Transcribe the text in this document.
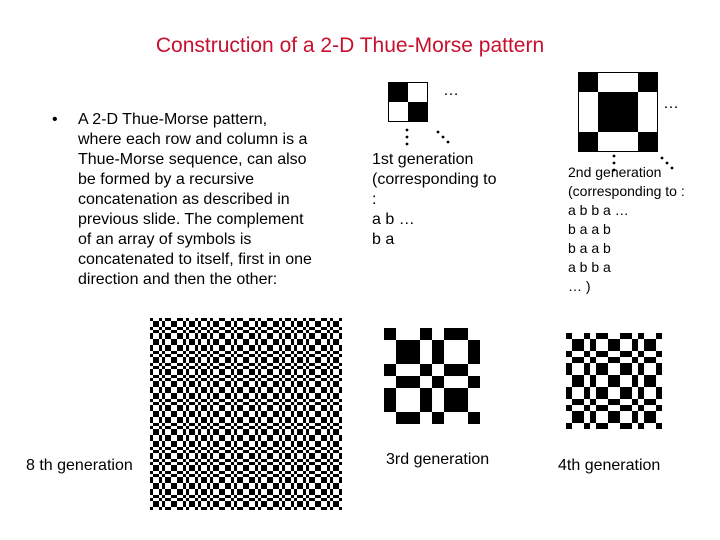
Construction of a 2-D Thue-Morse pattern
• A 2-D Thue-Morse pattern, where each row and column is a Thue-Morse sequence, can also be formed by a recursive concatenation as described in previous slide. The complement of an array of symbols is concatenated to itself, first in one direction and then the other:
…
1st generation
(corresponding to
:
a b …
b a
…
2nd generation
(corresponding to :
a b b a …
b a a b
b a a b
a b b a
… )
3rd generation	4th generation
8 th generation
